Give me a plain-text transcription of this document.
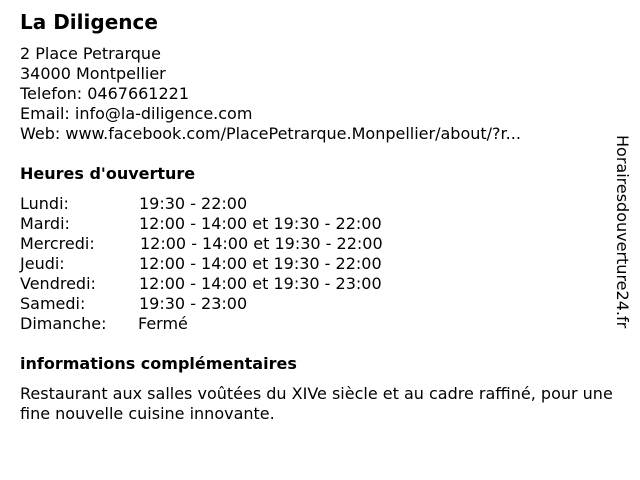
La Diligence
2 Place Petrarque
34000 Montpellier
Telefon: 0467661221
Email: info@la-diligence.com
Web: www.facebook.com/PlacePetrarque.Monpellier/about/?r...
Heures d'ouverture
Lundi:	19:30 - 22:00
Mardi:	12:00 - 14:00 et 19:30 - 22:00
Mercredi:	12:00 - 14:00 et 19:30 - 22:00
Jeudi:	12:00 - 14:00 et 19:30 - 22:00
Vendredi:	12:00 - 14:00 et 19:30 - 23:00
Samedi:	19:30 - 23:00
Dimanche: Fermé
informations complémentaires
Restaurant aux salles voûtées du XIVe siècle et au cadre raffiné, pour une fine nouvelle cuisine innovante.
Horairesdouverture24.fr
